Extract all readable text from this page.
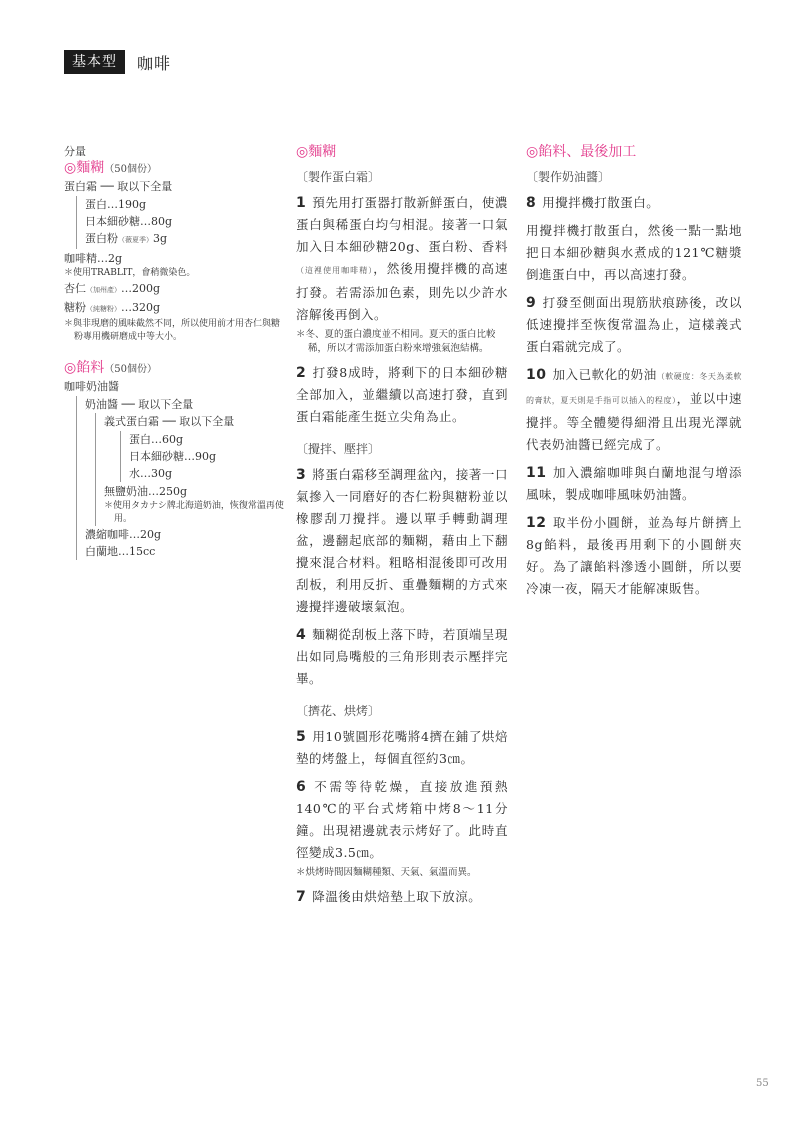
基本型	咖啡
分量
◎麵糊（50個份）
蛋白霜 ── 取以下全量
蛋白…190g
日本細砂糖…80g
蛋白粉（薇夏季）3g
咖啡精…2g
＊使用TRABLIT，會稍微染色。
杏仁（加州產）…200g
糖粉（純糖粉）…320g
＊與非現磨的風味截然不同，所以使用前才用杏仁與糖粉專用機研磨成中等大小。
◎餡料（50個份）
咖啡奶油醬
奶油醬 ── 取以下全量
義式蛋白霜 ── 取以下全量
蛋白…60g
日本細砂糖…90g
水…30g
無鹽奶油…250g
＊使用タカナシ牌北海道奶油，恢復常溫再使用。
濃縮咖啡…20g
白蘭地…15cc
◎麵糊
〔製作蛋白霜〕

1 預先用打蛋器打散新鮮蛋白，使濃蛋白與稀蛋白均勻相混。接著一口氣加入日本細砂糖20g、蛋白粉、香料（這裡使用咖啡精），然後用攪拌機的高速打發。若需添加色素，則先以少許水溶解後再倒入。

＊冬、夏的蛋白濃度並不相同。夏天的蛋白比較稀，所以才需添加蛋白粉來增強氣泡結構。

2 打發8成時，將剩下的日本細砂糖全部加入，並繼續以高速打發，直到蛋白霜能產生挺立尖角為止。

〔攪拌、壓拌〕

3 將蛋白霜移至調理盆內，接著一口氣摻入一同磨好的杏仁粉與糖粉並以橡膠刮刀攪拌。邊以單手轉動調理盆，邊翻起底部的麵糊，藉由上下翻攪來混合材料。粗略相混後即可改用刮板，利用反折、重疊麵糊的方式來邊攪拌邊破壞氣泡。

4 麵糊從刮板上落下時，若頂端呈現出如同鳥嘴般的三角形則表示壓拌完畢。

〔擠花、烘烤〕

5 用10號圓形花嘴將4擠在鋪了烘焙墊的烤盤上，每個直徑約3㎝。

6 不需等待乾燥，直接放進預熱140℃的平台式烤箱中烤8～11分鐘。出現裙邊就表示烤好了。此時直徑變成3.5㎝。

＊烘烤時間因麵糊種類、天氣、氣溫而異。

7 降溫後由烘焙墊上取下放涼。

◎餡料、最後加工
〔製作奶油醬〕

8 用攪拌機打散蛋白。

用攪拌機打散蛋白，然後一點一點地把日本細砂糖與水煮成的121℃糖漿倒進蛋白中，再以高速打發。

9 打發至側面出現筋狀痕跡後，改以低速攪拌至恢復常溫為止，這樣義式蛋白霜就完成了。

10 加入已軟化的奶油（軟硬度：冬天為柔軟的膏狀，夏天則是手指可以插入的程度），並以中速攪拌。等全體變得細滑且出現光澤就代表奶油醬已經完成了。

11 加入濃縮咖啡與白蘭地混勻增添風味，製成咖啡風味奶油醬。

12 取半份小圓餅，並為每片餅擠上8g餡料，最後再用剩下的小圓餅夾好。為了讓餡料滲透小圓餅，所以要冷凍一夜，隔天才能解凍販售。

55
